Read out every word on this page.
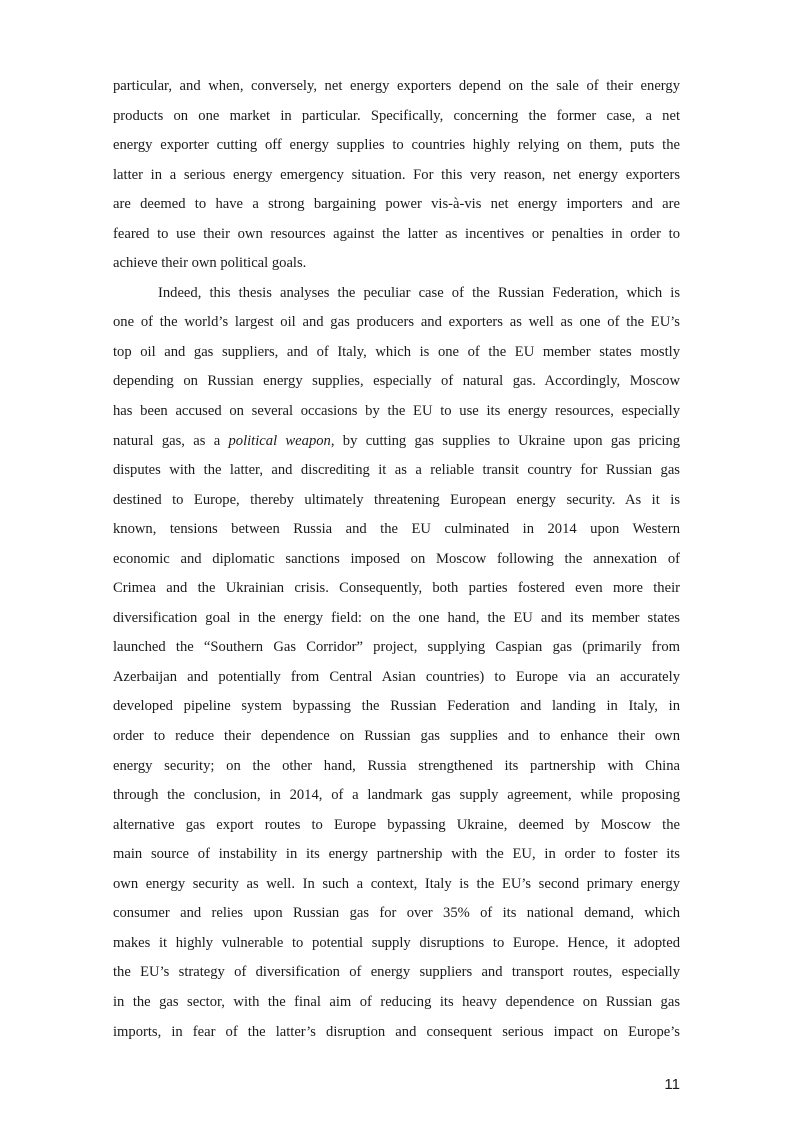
particular, and when, conversely, net energy exporters depend on the sale of their energy
products on one market in particular. Specifically, concerning the former case, a net
energy exporter cutting off energy supplies to countries highly relying on them, puts the
latter in a serious energy emergency situation. For this very reason, net energy exporters
are deemed to have a strong bargaining power vis-à-vis net energy importers and are
feared to use their own resources against the latter as incentives or penalties in order to
achieve their own political goals.
Indeed, this thesis analyses the peculiar case of the Russian Federation, which is
one of the world’s largest oil and gas producers and exporters as well as one of the EU’s
top oil and gas suppliers, and of Italy, which is one of the EU member states mostly
depending on Russian energy supplies, especially of natural gas. Accordingly, Moscow
has been accused on several occasions by the EU to use its energy resources, especially
natural gas, as a political weapon, by cutting gas supplies to Ukraine upon gas pricing
disputes with the latter, and discrediting it as a reliable transit country for Russian gas
destined to Europe, thereby ultimately threatening European energy security. As it is
known, tensions between Russia and the EU culminated in 2014 upon Western
economic and diplomatic sanctions imposed on Moscow following the annexation of
Crimea and the Ukrainian crisis. Consequently, both parties fostered even more their
diversification goal in the energy field: on the one hand, the EU and its member states
launched the “Southern Gas Corridor” project, supplying Caspian gas (primarily from
Azerbaijan and potentially from Central Asian countries) to Europe via an accurately
developed pipeline system bypassing the Russian Federation and landing in Italy, in
order to reduce their dependence on Russian gas supplies and to enhance their own
energy security; on the other hand, Russia strengthened its partnership with China
through the conclusion, in 2014, of a landmark gas supply agreement, while proposing
alternative gas export routes to Europe bypassing Ukraine, deemed by Moscow the
main source of instability in its energy partnership with the EU, in order to foster its
own energy security as well. In such a context, Italy is the EU’s second primary energy
consumer and relies upon Russian gas for over 35% of its national demand, which
makes it highly vulnerable to potential supply disruptions to Europe. Hence, it adopted
the EU’s strategy of diversification of energy suppliers and transport routes, especially
in the gas sector, with the final aim of reducing its heavy dependence on Russian gas
imports, in fear of the latter’s disruption and consequent serious impact on Europe’s
11
